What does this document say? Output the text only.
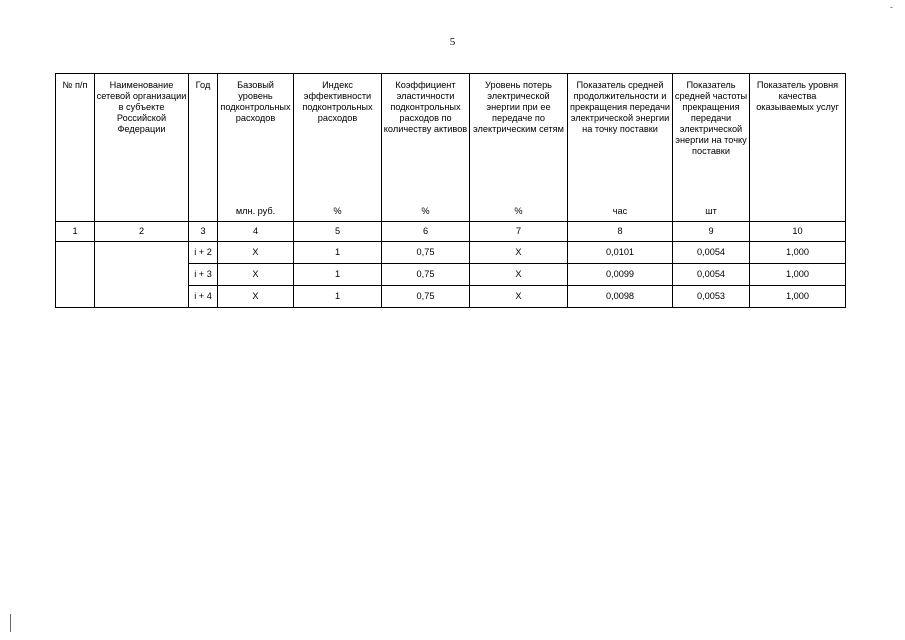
5
-
№ п/п	Наименование сетевой организации в субъекте Российской Федерации	Год	Базовый уровень подконтрольных расходов	Индекс эффективности подконтрольных расходов	Коэффициент эластичности подконтрольных расходов по количеству активов	Уровень потерь электрической энергии при ее передаче по электрическим сетям	Показатель средней продолжительности и прекращения передачи электрической энергии на точку поставки	Показатель средней частоты прекращения передачи электрической энергии на точку поставки	Показатель уровня качества оказываемых услуг
			млн. руб.	%	%	%	час	шт	
1	2	3	4	5	6	7	8	9	10
		i + 2	X	1	0,75	X	0,0101	0,0054	1,000
		i + 3	X	1	0,75	X	0,0099	0,0054	1,000
		i + 4	X	1	0,75	X	0,0098	0,0053	1,000
